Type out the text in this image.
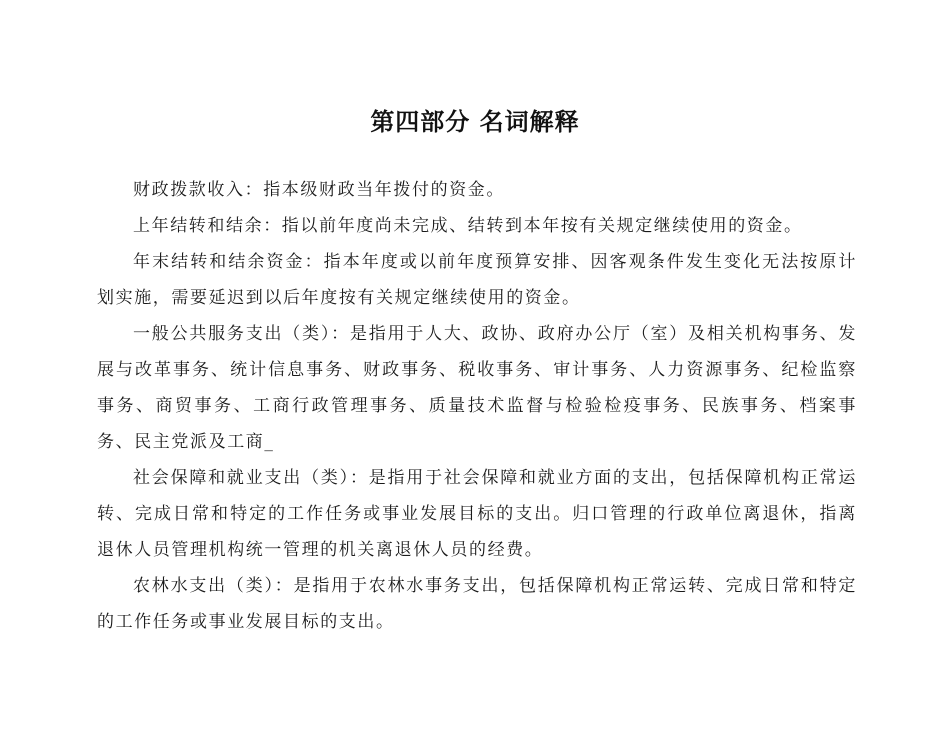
第四部分 名词解释

财政拨款收入：指本级财政当年拨付的资金。

上年结转和结余：指以前年度尚未完成、结转到本年按有关规定继续使用的资金。

年末结转和结余资金：指本年度或以前年度预算安排、因客观条件发生变化无法按原计划实施，需要延迟到以后年度按有关规定继续使用的资金。

一般公共服务支出（类）：是指用于人大、政协、政府办公厅（室）及相关机构事务、发展与改革事务、统计信息事务、财政事务、税收事务、审计事务、人力资源事务、纪检监察事务、商贸事务、工商行政管理事务、质量技术监督与检验检疫事务、民族事务、档案事务、民主党派及工商_

社会保障和就业支出（类）：是指用于社会保障和就业方面的支出，包括保障机构正常运转、完成日常和特定的工作任务或事业发展目标的支出。归口管理的行政单位离退休，指离退休人员管理机构统一管理的机关离退休人员的经费。

农林水支出（类）：是指用于农林水事务支出，包括保障机构正常运转、完成日常和特定的工作任务或事业发展目标的支出。
